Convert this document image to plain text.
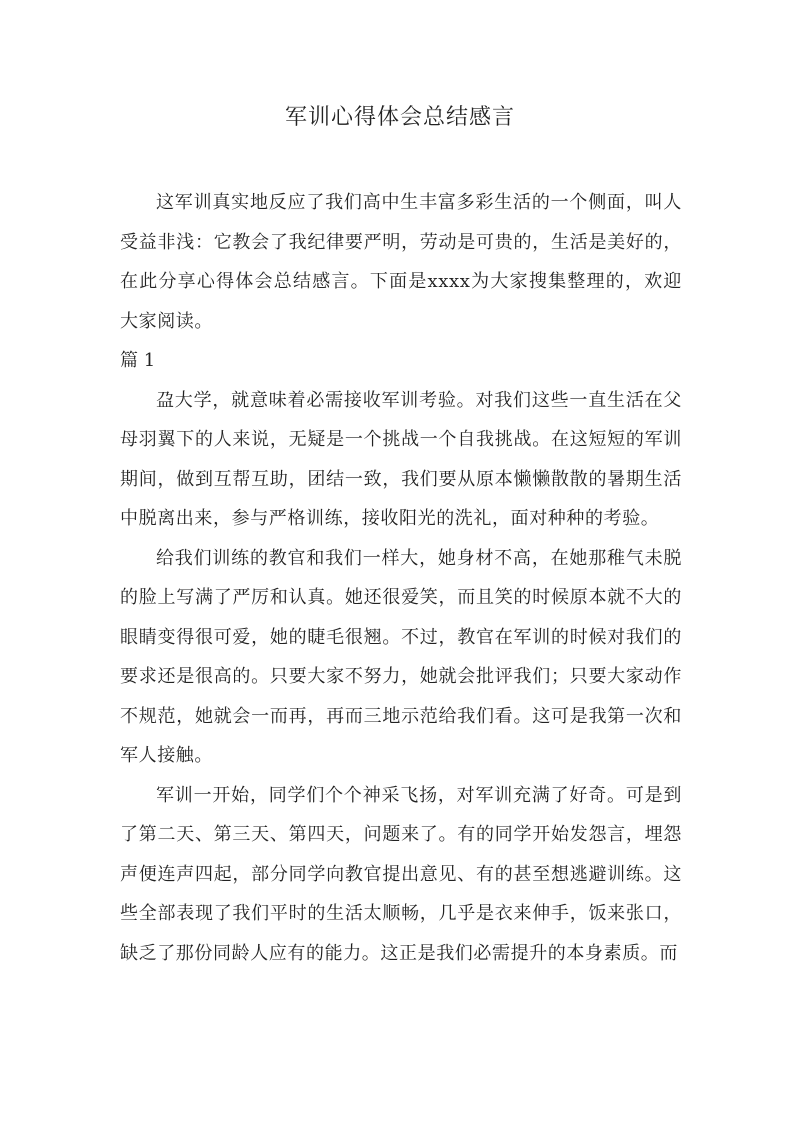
军训心得体会总结感言

这军训真实地反应了我们高中生丰富多彩生活的一个侧面，叫人受益非浅：它教会了我纪律要严明，劳动是可贵的，生活是美好的，在此分享心得体会总结感言。下面是xxxx为大家搜集整理的，欢迎大家阅读。

篇 1

盁大学，就意味着必需接收军训考验。对我们这些一直生活在父母羽翼下的人来说，无疑是一个挑战一个自我挑战。在这短短的军训期间，做到互帮互助，团结一致，我们要从原本懒懒散散的暑期生活中脱离出来，参与严格训练，接收阳光的洗礼，面对种种的考验。

给我们训练的教官和我们一样大，她身材不高，在她那稚气未脱的脸上写满了严厉和认真。她还很爱笑，而且笑的时候原本就不大的眼睛变得很可爱，她的睫毛很翘。不过，教官在军训的时候对我们的要求还是很高的。只要大家不努力，她就会批评我们；只要大家动作不规范，她就会一而再，再而三地示范给我们看。这可是我第一次和军人接触。

军训一开始，同学们个个神采飞扬，对军训充满了好奇。可是到了第二天、第三天、第四天，问题来了。有的同学开始发怨言，埋怨声便连声四起，部分同学向教官提出意见、有的甚至想逃避训练。这些全部表现了我们平时的生活太顺畅，几乎是衣来伸手，饭来张口，缺乏了那份同龄人应有的能力。这正是我们必需提升的本身素质。而
